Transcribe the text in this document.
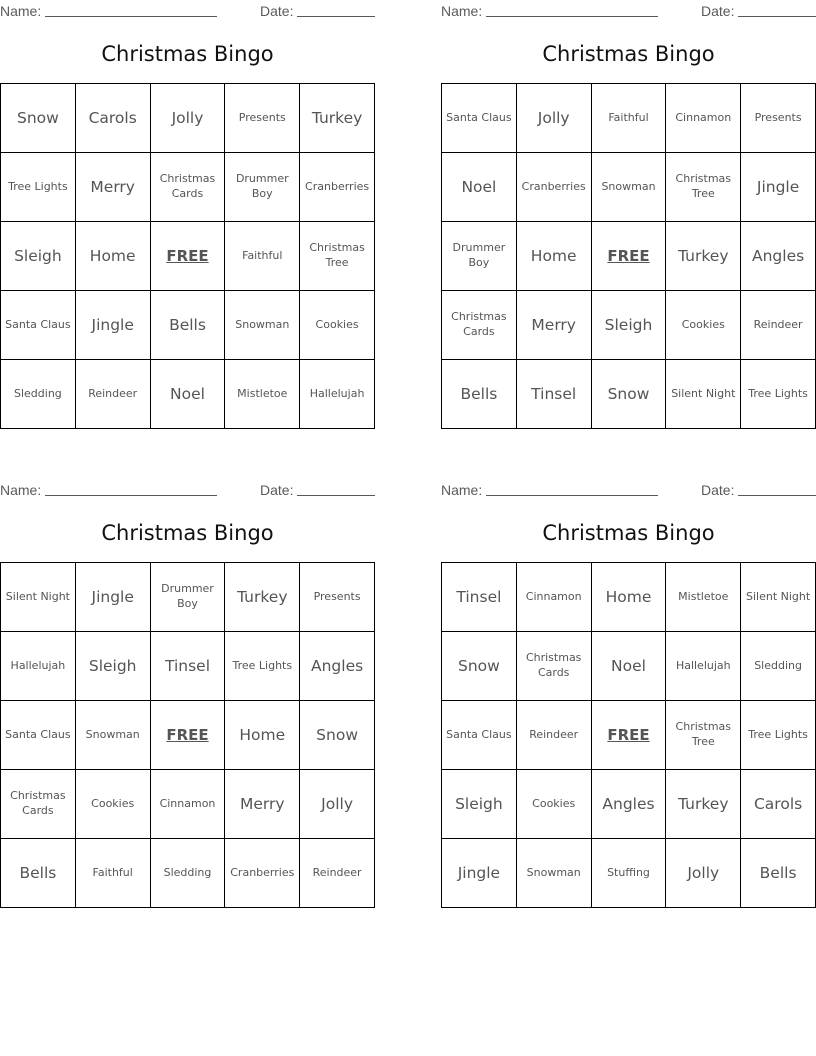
Name:	Date:
Christmas Bingo
Snow	Carols	Jolly	Presents	Turkey
Tree Lights	Merry	Christmas Cards	Drummer Boy	Cranberries
Sleigh	Home	FREE	Faithful	Christmas Tree
Santa Claus	Jingle	Bells	Snowman	Cookies
Sledding	Reindeer	Noel	Mistletoe	Hallelujah
Name:	Date:
Christmas Bingo
Santa Claus	Jolly	Faithful	Cinnamon	Presents
Noel	Cranberries	Snowman	Christmas Tree	Jingle
Drummer Boy	Home	FREE	Turkey	Angles
Christmas Cards	Merry	Sleigh	Cookies	Reindeer
Bells	Tinsel	Snow	Silent Night	Tree Lights
Name:	Date:
Christmas Bingo
Silent Night	Jingle	Drummer Boy	Turkey	Presents
Hallelujah	Sleigh	Tinsel	Tree Lights	Angles
Santa Claus	Snowman	FREE	Home	Snow
Christmas Cards	Cookies	Cinnamon	Merry	Jolly
Bells	Faithful	Sledding	Cranberries	Reindeer
Name:	Date:
Christmas Bingo
Tinsel	Cinnamon	Home	Mistletoe	Silent Night
Snow	Christmas Cards	Noel	Hallelujah	Sledding
Santa Claus	Reindeer	FREE	Christmas Tree	Tree Lights
Sleigh	Cookies	Angles	Turkey	Carols
Jingle	Snowman	Stuffing	Jolly	Bells
